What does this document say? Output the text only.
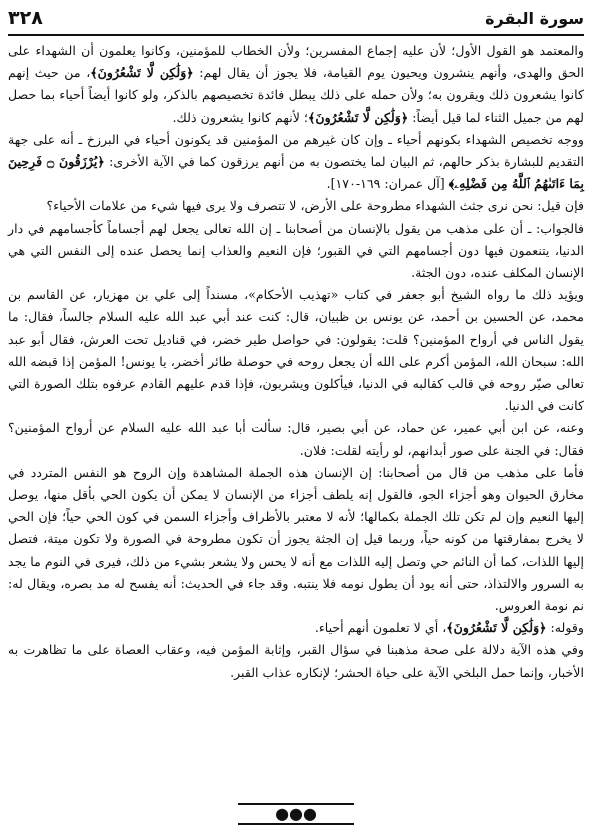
سورة البقرة
٣٢٨

والمعتمد هو القول الأول؛ لأن عليه إجماع المفسرين؛ ولأن الخطاب للمؤمنين، وكانوا يعلمون أن الشهداء على الحق والهدى، وأنهم ينشرون ويحيون يوم القيامة، فلا يجوز أن يقال لهم: ﴿وَلَٰكِن لَّا تَشْعُرُونَ﴾، من حيث إنهم كانوا يشعرون ذلك ويقرون به؛ ولأن حمله على ذلك يبطل فائدة تخصيصهم بالذكر، ولو كانوا أيضاً أحياء بما حصل لهم من جميل الثناء لما قيل أيضاً: ﴿وَلَٰكِن لَّا تَشْعُرُونَ﴾؛ لأنهم كانوا يشعرون ذلك.

ووجه تخصيص الشهداء بكونهم أحياء ـ وإن كان غيرهم من المؤمنين قد يكونون أحياء في البرزخ ـ أنه على جهة التقديم للبشارة بذكر حالهم، ثم البيان لما يختصون به من أنهم يرزقون كما في الآية الأخرى: ﴿يُرْزَقُونَ ۝ فَرِحِينَ بِمَا ءَاتَىٰهُمُ ٱللَّهُ مِن فَضْلِهِۦ﴾ [آل عمران: ١٦٩-١٧٠].

فإن قيل: نحن نرى جثث الشهداء مطروحة على الأرض، لا تتصرف ولا يرى فيها شيء من علامات الأحياء؟

فالجواب: ـ أن على مذهب من يقول بالإنسان من أصحابنا ـ إن الله تعالى يجعل لهم أجساماً كأجسامهم في دار الدنيا، يتنعمون فيها دون أجسامهم التي في القبور؛ فإن النعيم والعذاب إنما يحصل عنده إلى النفس التي هي الإنسان المكلف عنده، دون الجثة.

ويؤيد ذلك ما رواه الشيخ أبو جعفر في كتاب «تهذيب الأحكام»، مسنداً إلى علي بن مهزيار، عن القاسم بن محمد، عن الحسين بن أحمد، عن يونس بن ظبيان، قال: كنت عند أبي عبد الله عليه السلام جالساً، فقال: ما يقول الناس في أرواح المؤمنين؟ قلت: يقولون: في حواصل طير خضر، في قناديل تحت العرش، فقال أبو عبد الله: سبحان الله، المؤمن أكرم على الله أن يجعل روحه في حوصلة طائر أخضر، يا يونس! المؤمن إذا قبضه الله تعالى صيّر روحه في قالب كقالبه في الدنيا، فيأكلون ويشربون، فإذا قدم عليهم القادم عرفوه بتلك الصورة التي كانت في الدنيا.

وعنه، عن ابن أبي عمير، عن حماد، عن أبي بصير، قال: سألت أبا عبد الله عليه السلام عن أرواح المؤمنين؟ فقال: في الجنة على صور أبدانهم، لو رأيته لقلت: فلان.

فأما على مذهب من قال من أصحابنا: إن الإنسان هذه الجملة المشاهدة وإن الروح هو النفس المتردد في مخارق الحيوان وهو أجزاء الجو، فالقول إنه يلطف أجزاء من الإنسان لا يمكن أن يكون الحي بأقل منها، يوصل إليها النعيم وإن لم تكن تلك الجملة بكمالها؛ لأنه لا معتبر بالأطراف وأجزاء السمن في كون الحي حياً؛ فإن الحي لا يخرج بمفارقتها من كونه حياً، وربما قيل إن الجثة يجوز أن تكون مطروحة في الصورة ولا تكون ميتة، فتصل إليها اللذات، كما أن النائم حي وتصل إليه اللذات مع أنه لا يحس ولا يشعر بشيء من ذلك، فيرى في النوم ما يجد به السرور والالتذاذ، حتى أنه يود أن يطول نومه فلا ينتبه. وقد جاء في الحديث: أنه يفسح له مد بصره، ويقال له: نم نومة العروس.

وقوله: ﴿وَلَٰكِن لَّا تَشْعُرُونَ﴾، أي لا تعلمون أنهم أحياء.

وفي هذه الآية دلالة على صحة مذهبنا في سؤال القبر، وإثابة المؤمن فيه، وعقاب العصاة على ما تظاهرت به الأخبار، وإنما حمل البلخي الآية على حياة الحشر؛ لإنكاره عذاب القبر.

●●●
